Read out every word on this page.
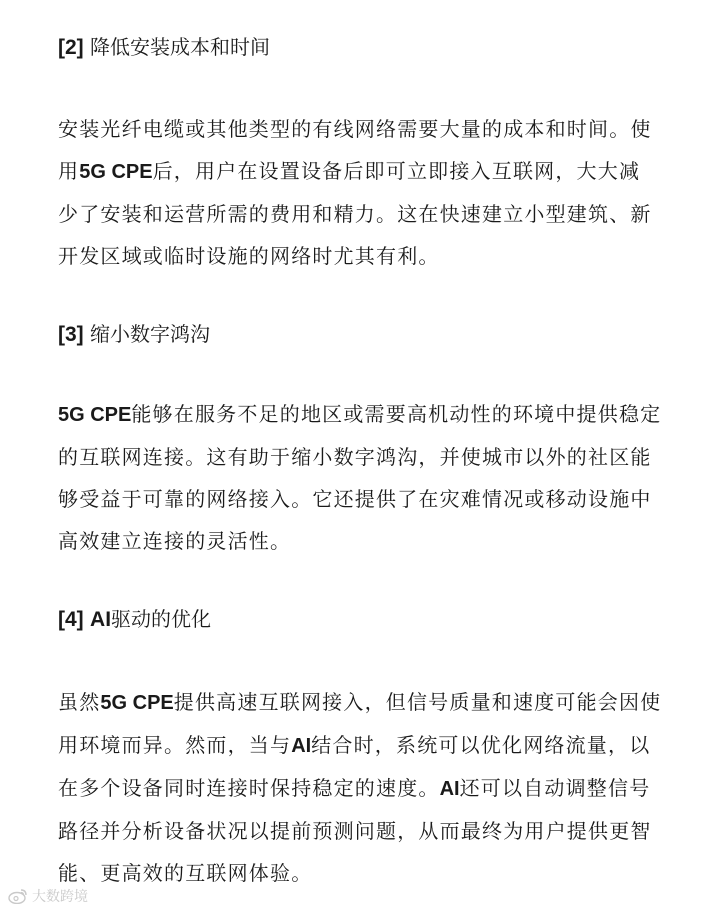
[2] 降低安装成本和时间
安装光纤电缆或其他类型的有线网络需要大量的成本和时间。使
用5G CPE后，用户在设置设备后即可立即接入互联网，大大减
少了安装和运营所需的费用和精力。这在快速建立小型建筑、新
开发区域或临时设施的网络时尤其有利。
[3] 缩小数字鸿沟
5G CPE能够在服务不足的地区或需要高机动性的环境中提供稳定
的互联网连接。这有助于缩小数字鸿沟，并使城市以外的社区能
够受益于可靠的网络接入。它还提供了在灾难情况或移动设施中
高效建立连接的灵活性。
[4] AI驱动的优化
虽然5G CPE提供高速互联网接入，但信号质量和速度可能会因使
用环境而异。然而，当与AI结合时，系统可以优化网络流量，以
在多个设备同时连接时保持稳定的速度。AI还可以自动调整信号
路径并分析设备状况以提前预测问题，从而最终为用户提供更智
能、更高效的互联网体验。
大数跨境
